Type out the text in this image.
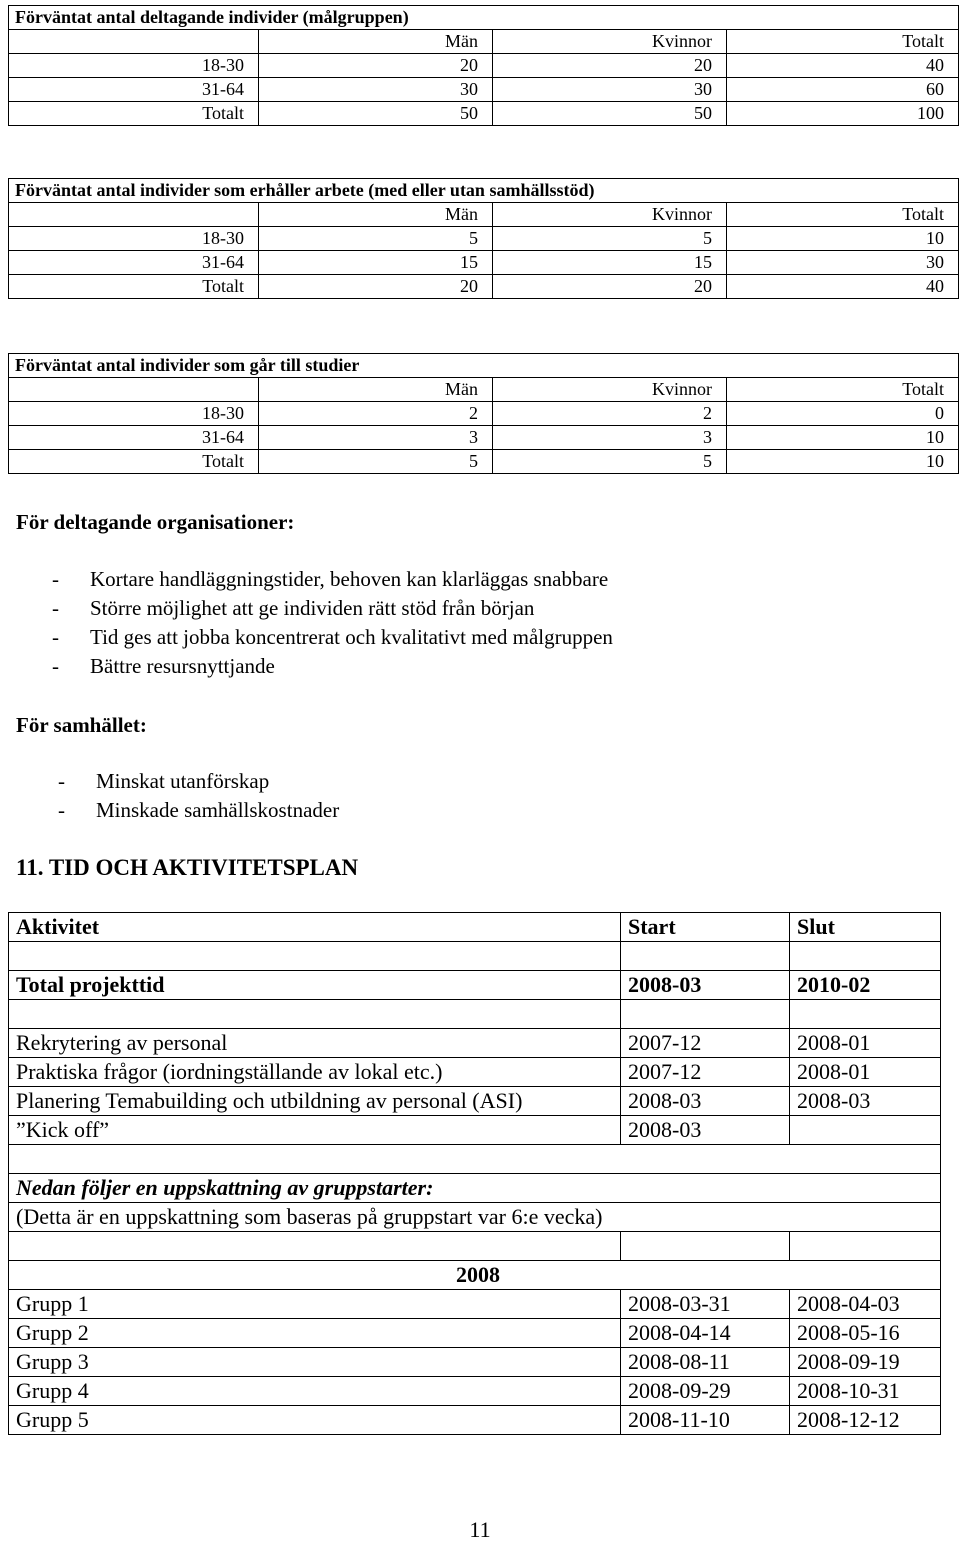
Förväntat antal deltagande individer (målgruppen)			
	Män	Kvinnor	Totalt
18-30	20	20	40
31-64	30	30	60
Totalt	50	50	100
Förväntat antal individer som erhåller arbete (med eller utan samhällsstöd)			
	Män	Kvinnor	Totalt
18-30	5	5	10
31-64	15	15	30
Totalt	20	20	40
Förväntat antal individer som går till studier			
	Män	Kvinnor	Totalt
18-30	2	2	0
31-64	3	3	10
Totalt	5	5	10
För deltagande organisationer:
- Kortare handläggningstider, behoven kan klarläggas snabbare
- Större möjlighet att ge individen rätt stöd från början
- Tid ges att jobba koncentrerat och kvalitativt med målgruppen
- Bättre resursnyttjande
För samhället:
- Minskat utanförskap
- Minskade samhällskostnader
11. TID OCH AKTIVITETSPLAN
Aktivitet	Start	Slut

Total projekttid	2008-03	2010-02

Rekrytering av personal	2007-12	2008-01
Praktiska frågor (iordningställande av lokal etc.)	2007-12	2008-01
Planering Temabuilding och utbildning av personal (ASI)	2008-03	2008-03
”Kick off”	2008-03	

Nedan följer en uppskattning av gruppstarter:		
(Detta är en uppskattning som baseras på gruppstart var 6:e vecka)		

2008		
Grupp 1	2008-03-31	2008-04-03
Grupp 2	2008-04-14	2008-05-16
Grupp 3	2008-08-11	2008-09-19
Grupp 4	2008-09-29	2008-10-31
Grupp 5	2008-11-10	2008-12-12
11
